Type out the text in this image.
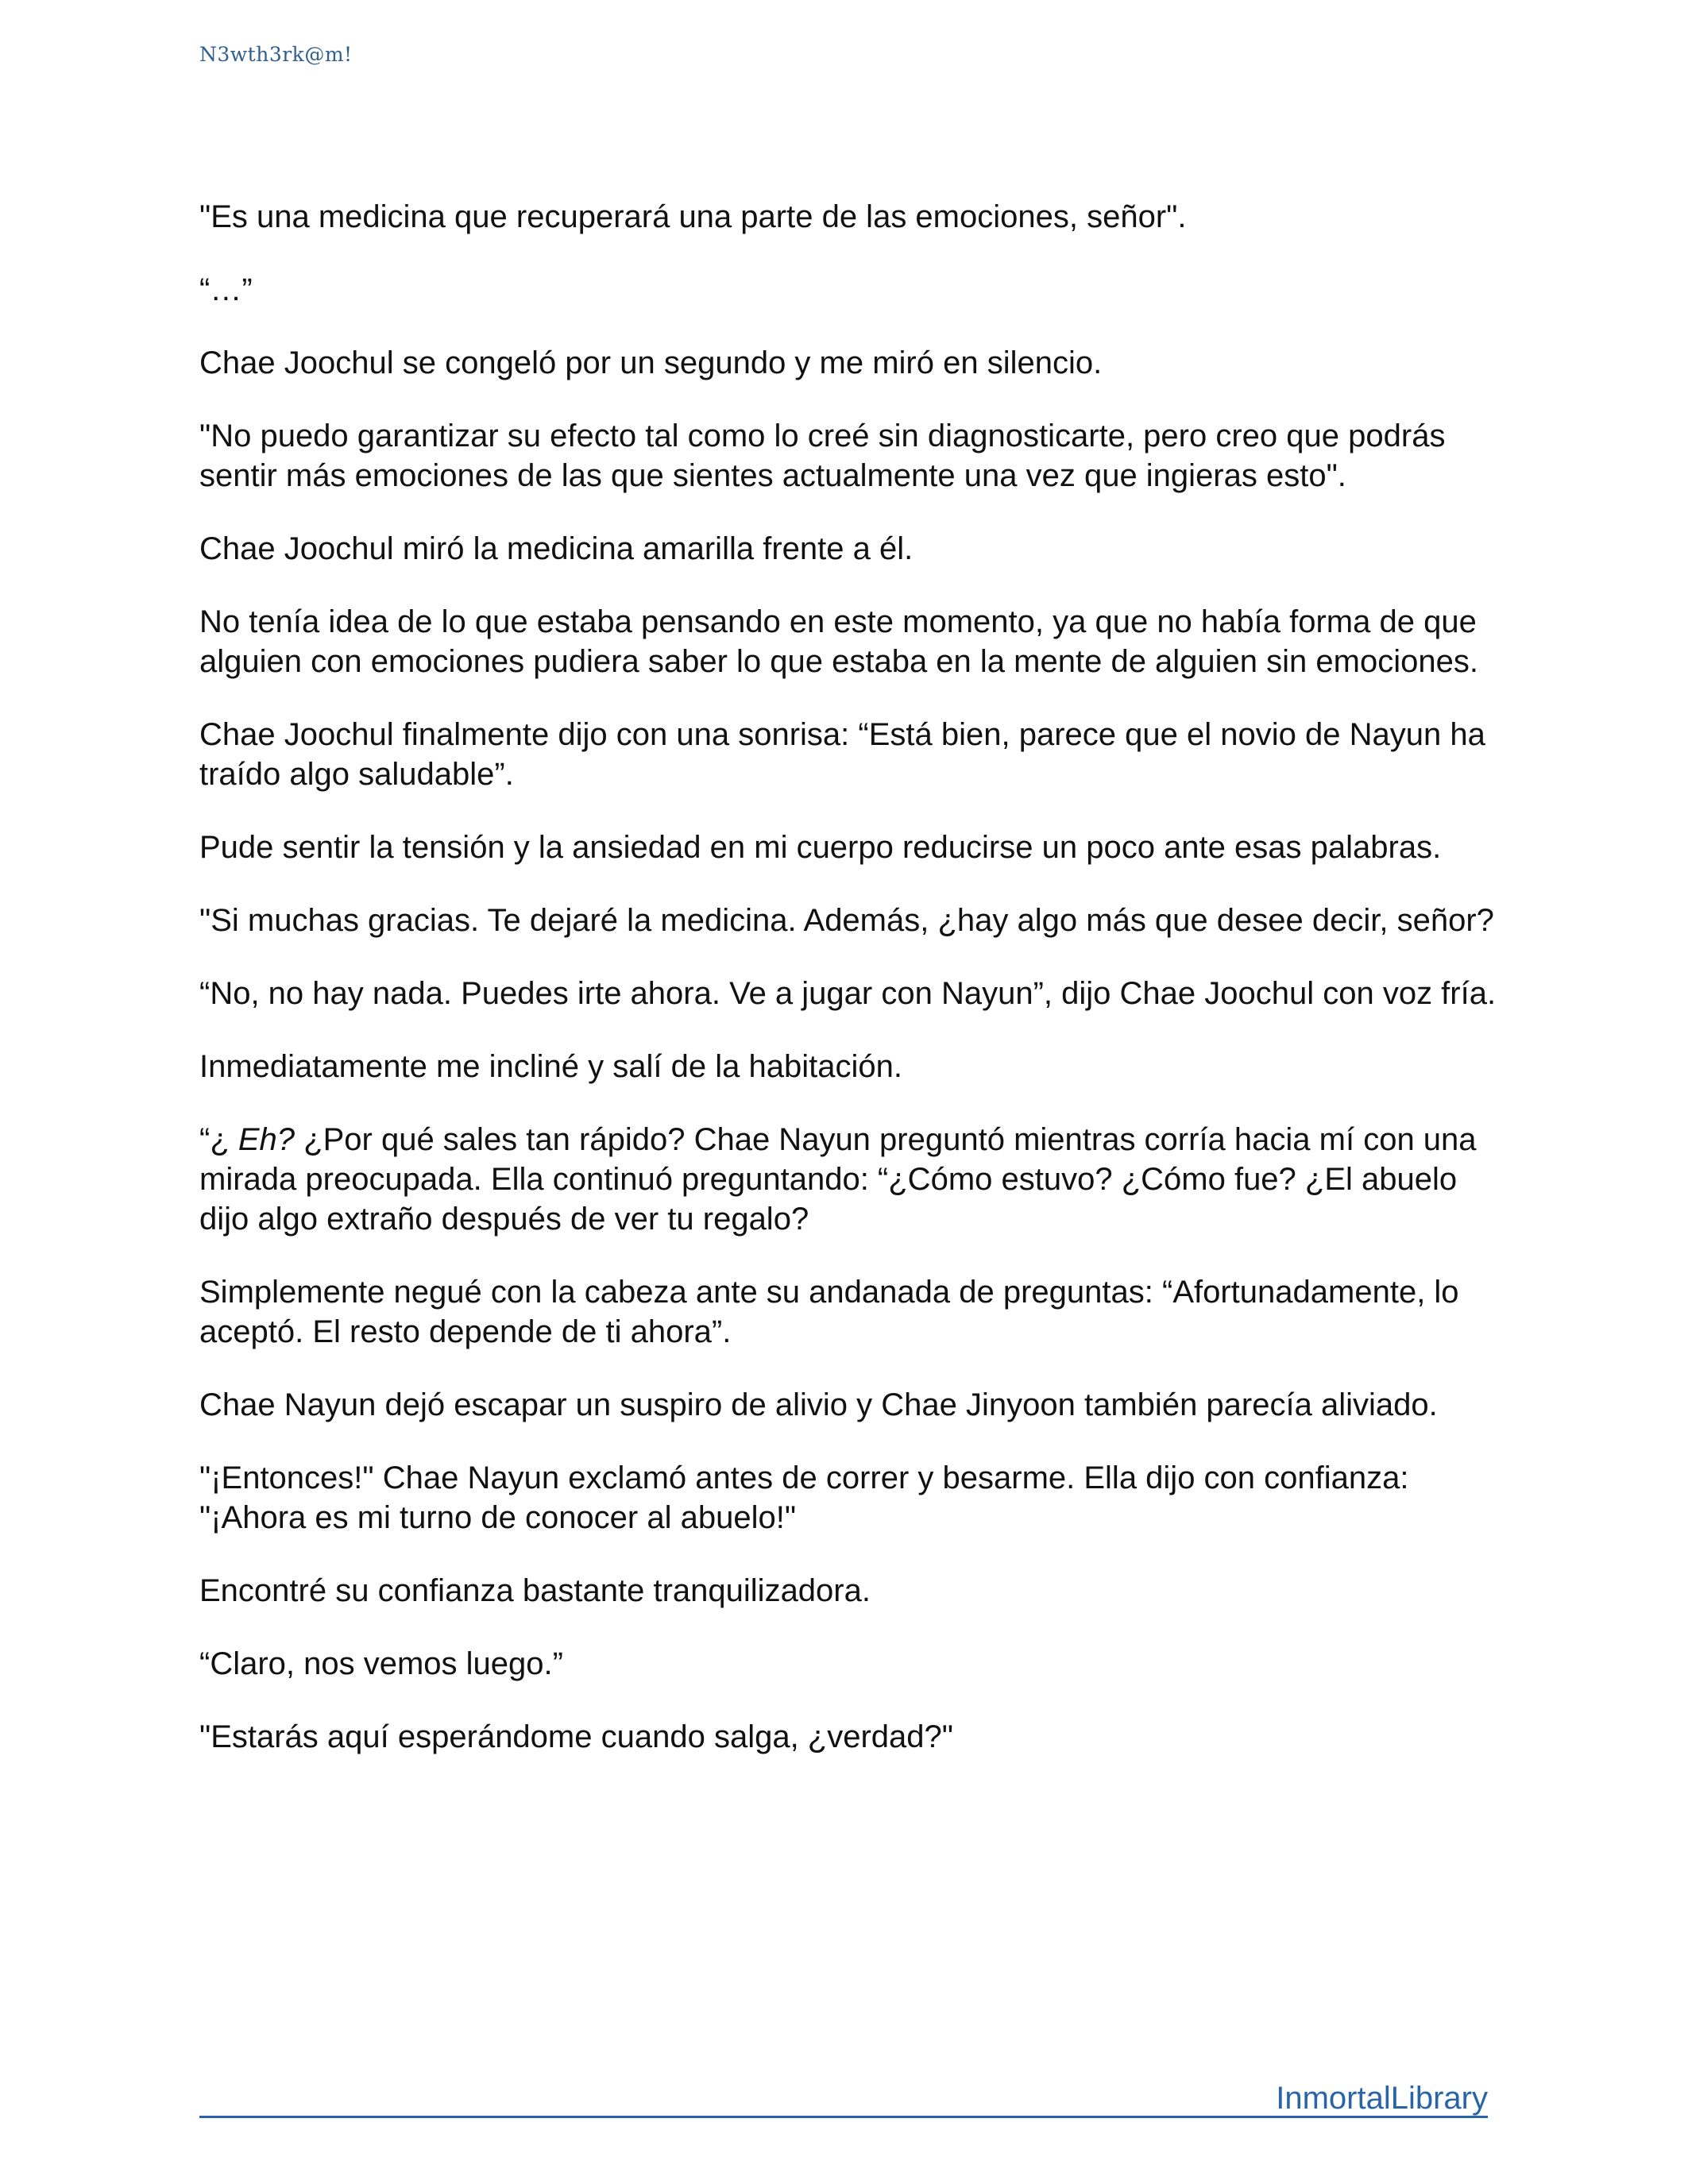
N3wth3rk@m!

"Es una medicina que recuperará una parte de las emociones, señor".

“…”

Chae Joochul se congeló por un segundo y me miró en silencio.

"No puedo garantizar su efecto tal como lo creé sin diagnosticarte, pero creo que podrás sentir más emociones de las que sientes actualmente una vez que ingieras esto".

Chae Joochul miró la medicina amarilla frente a él.

No tenía idea de lo que estaba pensando en este momento, ya que no había forma de que alguien con emociones pudiera saber lo que estaba en la mente de alguien sin emociones.

Chae Joochul finalmente dijo con una sonrisa: “Está bien, parece que el novio de Nayun ha traído algo saludable”.

Pude sentir la tensión y la ansiedad en mi cuerpo reducirse un poco ante esas palabras.

"Si muchas gracias. Te dejaré la medicina. Además, ¿hay algo más que desee decir, señor?

“No, no hay nada. Puedes irte ahora. Ve a jugar con Nayun”, dijo Chae Joochul con voz fría.

Inmediatamente me incliné y salí de la habitación.

“¿ Eh? ¿Por qué sales tan rápido? Chae Nayun preguntó mientras corría hacia mí con una mirada preocupada. Ella continuó preguntando: “¿Cómo estuvo? ¿Cómo fue? ¿El abuelo dijo algo extraño después de ver tu regalo?

Simplemente negué con la cabeza ante su andanada de preguntas: “Afortunadamente, lo aceptó. El resto depende de ti ahora”.

Chae Nayun dejó escapar un suspiro de alivio y Chae Jinyoon también parecía aliviado.

"¡Entonces!" Chae Nayun exclamó antes de correr y besarme. Ella dijo con confianza: "¡Ahora es mi turno de conocer al abuelo!"

Encontré su confianza bastante tranquilizadora.

“Claro, nos vemos luego.”

"Estarás aquí esperándome cuando salga, ¿verdad?"

InmortalLibrary
